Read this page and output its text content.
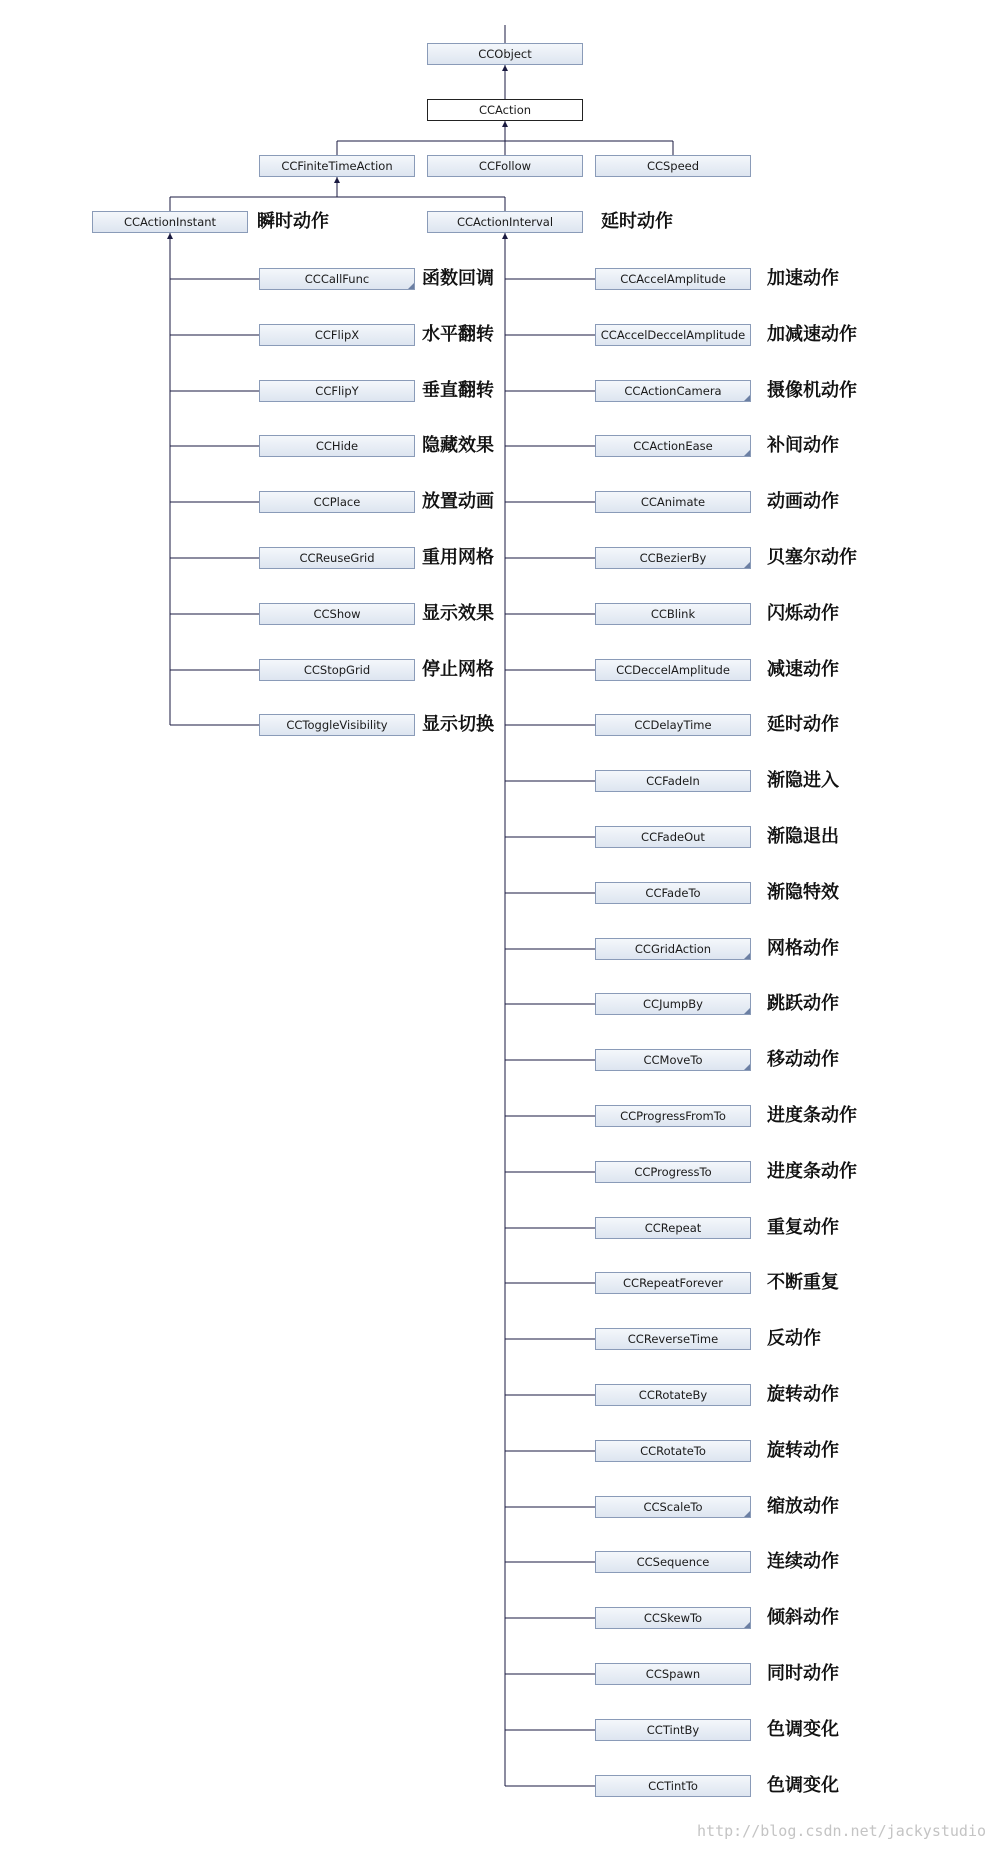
CCObject
CCAction
CCFiniteTimeAction	CCFollow	CCSpeed
CCActionInstant	瞬时动作	CCActionInterval	延时动作
http://blog.csdn.net/jackystudio
CCCallFunc	函数回调
CCFlipX	水平翻转
CCFlipY	垂直翻转
CCHide	隐藏效果
CCPlace	放置动画
CCReuseGrid	重用网格
CCShow	显示效果
CCStopGrid	停止网格
CCToggleVisibility	显示切换
CCAccelAmplitude	加速动作
CCAccelDeccelAmplitude	加减速动作
CCActionCamera	摄像机动作
CCActionEase	补间动作
CCAnimate	动画动作
CCBezierBy	贝塞尔动作
CCBlink	闪烁动作
CCDeccelAmplitude	减速动作
CCDelayTime	延时动作
CCFadeIn	渐隐进入
CCFadeOut	渐隐退出
CCFadeTo	渐隐特效
CCGridAction	网格动作
CCJumpBy	跳跃动作
CCMoveTo	移动动作
CCProgressFromTo	进度条动作
CCProgressTo	进度条动作
CCRepeat	重复动作
CCRepeatForever	不断重复
CCReverseTime	反动作
CCRotateBy	旋转动作
CCRotateTo	旋转动作
CCScaleTo	缩放动作
CCSequence	连续动作
CCSkewTo	倾斜动作
CCSpawn	同时动作
CCTintBy	色调变化
CCTintTo	色调变化
